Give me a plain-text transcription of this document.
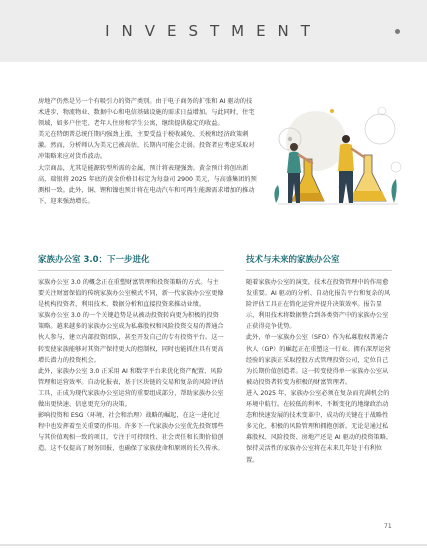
INVESTMENT

房地产仍然是另一个有吸引力的资产类别。由于电子商务的扩张和 AI 驱动的技术进步，物流物业、数据中心和电信基础设施的需求日益增加。与此同时，住宅领域，如多户住宅、老年人住房和学生公寓，继续提供稳定的收益。

美元在特朗普总统任期内强劲上涨，主要受益于税收减免、关税和经济政策刺激。然而，分析师认为美元已被高估，长期内可能会走弱。投资者应考虑采取对冲策略来应对货币波动。

大宗商品，尤其是能源转型所需的金属，预计将表现强劲。黄金预计将创出新高，瑞银将 2025 年底的黄金价格目标定为每盎司 2900 美元，与高盛集团的预测相一致。此外，铜、锂和镍也预计将在电动汽车和可再生能源需求增加的推动下，迎来强劲增长。

家族办公室 3.0：下一步进化	技术与未来的家族办公室

家族办公室 3.0 的概念正在重塑财富管理和投资策略的方式。与主要关注财富保值的传统家族办公室模式不同，新一代家族办公室更像是机构投资者，利用技术、数据分析和直接投资来推动业绩。

家族办公室 3.0 的一个关键趋势是从被动投资转向更为积极的投资策略。越来越多的家族办公室成为私募股权和风险投资交易的普通合伙人参与，建立内部投资团队，甚至开发自己的专有投资平台。这一转变使家族能够对其资产保持更大的控制权，同时也能抓住具有更高增长潜力的投资机会。

此外，家族办公室 3.0 正采用 AI 和数字平台来优化资产配置、风险管理和运营效率。自动化报表，基于区块链的交易和复杂的风险评估工具，正成为现代家族办公室运营的重要组成部分，帮助家族办公室做出更快速、信息更充分的决策。

影响投资和 ESG（环境、社会和治理）战略的崛起，在这一进化过程中也发挥着至关重要的作用。许多下一代家族办公室优先投资那些与其价值观相一致的项目，专注于可持续性、社会责任和长期价值创造。这不仅提高了财务回报，也确保了家族使命和原则的长久传承。

随着家族办公室的演变，技术在投资管理中的作用愈发重要。AI 驱动的分析、自动化报告平台和复杂的风险评估工具正在简化运营并提升决策效率。报告显示，利用技术将数据整合到各类资产中的家族办公室正获得竞争优势。

此外，单一家族办公室（SFO）作为私募股权普通合伙人（GP）的崛起正在重塑这一行业。拥有深厚运营经验的家族正采取控股方式管理投资公司，定位自己为长期价值创造者。这一转变使得单一家族办公室从被动投资者转变为积极的财富管理者。

进入 2025 年，家族办公室必须在复杂而充满机会的环境中航行。在较低的利率、不断变化的地缘政治动态和快速发展的技术变革中，成功的关键在于战略性多元化、积极的风险管理和拥抱创新。无论是通过私募股权、风险投资、房地产还是 AI 驱动的投资策略，保持灵活性的家族办公室将在未来几年处于有利位置。

71
